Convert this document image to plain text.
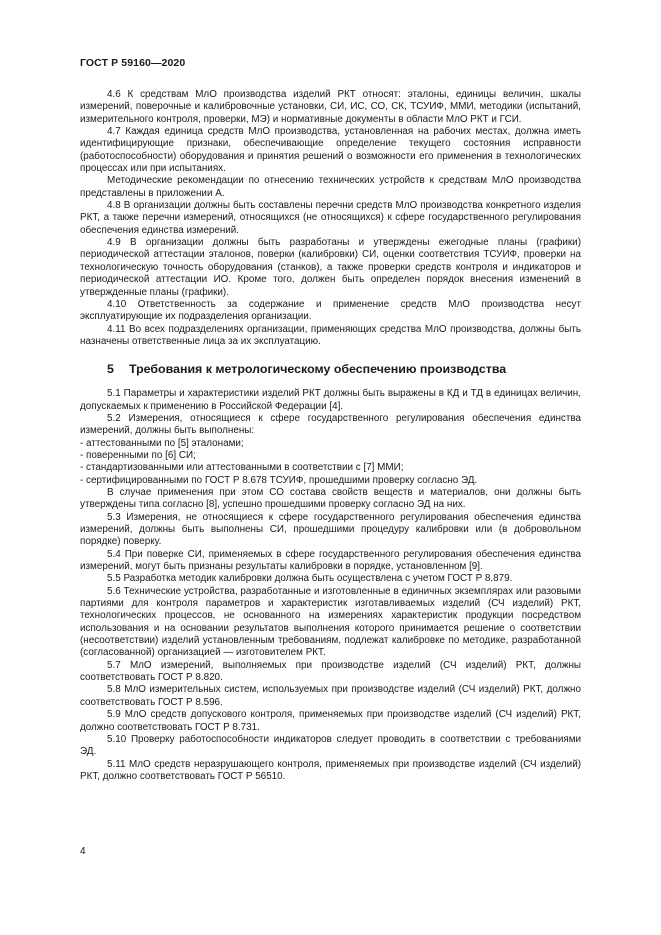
ГОСТ Р 59160—2020

4.6 К средствам МлО производства изделий РКТ относят: эталоны, единицы величин, шкалы измерений, поверочные и калибровочные установки, СИ, ИС, СО, СК, ТСУИФ, ММИ, методики (испытаний, измерительного контроля, проверки, МЭ) и нормативные документы в области МлО РКТ и ГСИ.

4.7 Каждая единица средств МлО производства, установленная на рабочих местах, должна иметь идентифицирующие признаки, обеспечивающие определение текущего состояния исправности (работоспособности) оборудования и принятия решений о возможности его применения в технологических процессах или при испытаниях.

Методические рекомендации по отнесению технических устройств к средствам МлО производства представлены в приложении А.

4.8 В организации должны быть составлены перечни средств МлО производства конкретного изделия РКТ, а также перечни измерений, относящихся (не относящихся) к сфере государственного регулирования обеспечения единства измерений.

4.9 В организации должны быть разработаны и утверждены ежегодные планы (графики) периодической аттестации эталонов, поверки (калибровки) СИ, оценки соответствия ТСУИФ, проверки на технологическую точность оборудования (станков), а также проверки средств контроля и индикаторов и периодической аттестации ИО. Кроме того, должен быть определен порядок внесения изменений в утвержденные планы (графики).

4.10 Ответственность за содержание и применение средств МлО производства несут эксплуатирующие их подразделения организации.

4.11 Во всех подразделениях организации, применяющих средства МлО производства, должны быть назначены ответственные лица за их эксплуатацию.

5 Требования к метрологическому обеспечению производства

5.1 Параметры и характеристики изделий РКТ должны быть выражены в КД и ТД в единицах величин, допускаемых к применению в Российской Федерации [4].

5.2 Измерения, относящиеся к сфере государственного регулирования обеспечения единства измерений, должны быть выполнены:

- аттестованными по [5] эталонами;

- поверенными по [6] СИ;

- стандартизованными или аттестованными в соответствии с [7] ММИ;

- сертифицированными по ГОСТ Р 8.678 ТСУИФ, прошедшими проверку согласно ЭД.

В случае применения при этом СО состава свойств веществ и материалов, они должны быть утверждены типа согласно [8], успешно прошедшими проверку согласно ЭД на них.

5.3 Измерения, не относящиеся к сфере государственного регулирования обеспечения единства измерений, должны быть выполнены СИ, прошедшими процедуру калибровки или (в добровольном порядке) поверку.

5.4 При поверке СИ, применяемых в сфере государственного регулирования обеспечения единства измерений, могут быть признаны результаты калибровки в порядке, установленном [9].

5.5 Разработка методик калибровки должна быть осуществлена с учетом ГОСТ Р 8.879.

5.6 Технические устройства, разработанные и изготовленные в единичных экземплярах или разовыми партиями для контроля параметров и характеристик изготавливаемых изделий (СЧ изделий) РКТ, технологических процессов, не основанного на измерениях характеристик продукции посредством использования и на основании результатов выполнения которого принимается решение о соответствии (несоответствии) изделий установленным требованиям, подлежат калибровке по методике, разработанной (согласованной) организацией — изготовителем РКТ.

5.7 МлО измерений, выполняемых при производстве изделий (СЧ изделий) РКТ, должны соответствовать ГОСТ Р 8.820.

5.8 МлО измерительных систем, используемых при производстве изделий (СЧ изделий) РКТ, должно соответствовать ГОСТ Р 8.596.

5.9 МлО средств допускового контроля, применяемых при производстве изделий (СЧ изделий) РКТ, должно соответствовать ГОСТ Р 8.731.

5.10 Проверку работоспособности индикаторов следует проводить в соответствии с требованиями ЭД.

5.11 МлО средств неразрушающего контроля, применяемых при производстве изделий (СЧ изделий) РКТ, должно соответствовать ГОСТ Р 56510.

4
